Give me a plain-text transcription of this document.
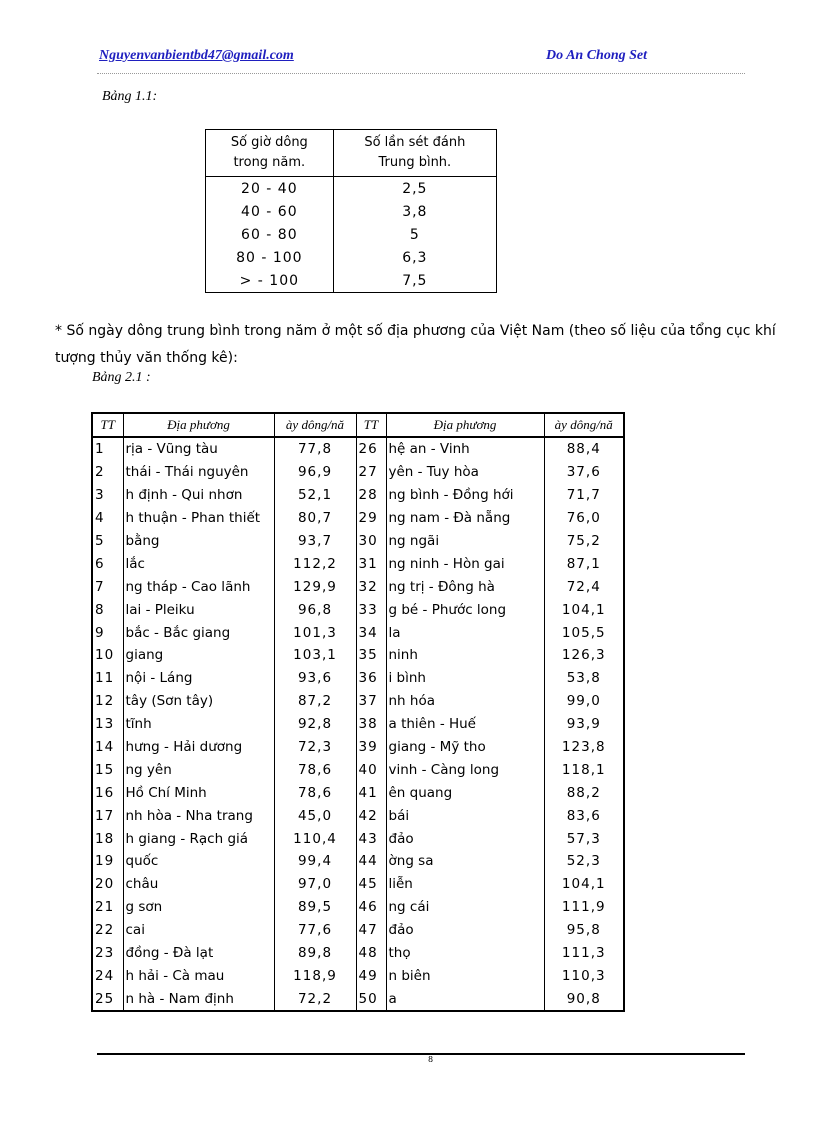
Nguyenvanbientbd47@gmail.com	Do An Chong Set
Bảng 1.1:
Số giờ dông
trong năm.	Số lần sét đánh
Trung bình.
20 - 40	2,5
40 - 60	3,8
60 - 80	5
80 - 100	6,3
> - 100	7,5
* Số ngày dông trung bình trong năm ở một số địa phương của Việt Nam (theo số liệu của tổng cục khí tượng thủy văn thống kê):
Bảng 2.1 :
TT	Địa phương	ày dông/nă	TT	Địa phương	ày dông/nă
1	rịa - Vũng tàu	77,8	26	hệ an - Vinh	88,4
2	thái - Thái nguyên	96,9	27	yên - Tuy hòa	37,6
3	h định - Qui nhơn	52,1	28	ng bình - Đồng hới	71,7
4	h thuận - Phan thiết	80,7	29	ng nam - Đà nẵng	76,0
5	bằng	93,7	30	ng ngãi	75,2
6	lắc	112,2	31	ng ninh - Hòn gai	87,1
7	ng tháp - Cao lãnh	129,9	32	ng trị - Đông hà	72,4
8	lai - Pleiku	96,8	33	g bé - Phước long	104,1
9	bắc - Bắc giang	101,3	34	la	105,5
10	giang	103,1	35	ninh	126,3
11	nội - Láng	93,6	36	i bình	53,8
12	tây (Sơn tây)	87,2	37	nh hóa	99,0
13	tĩnh	92,8	38	a thiên - Huế	93,9
14	hưng - Hải dương	72,3	39	giang - Mỹ tho	123,8
15	ng yên	78,6	40	vinh - Càng long	118,1
16	Hồ Chí Minh	78,6	41	ên quang	88,2
17	nh hòa - Nha trang	45,0	42	bái	83,6
18	h giang - Rạch giá	110,4	43	đảo	57,3
19	quốc	99,4	44	ờng sa	52,3
20	châu	97,0	45	liễn	104,1
21	g sơn	89,5	46	ng cái	111,9
22	cai	77,6	47	đảo	95,8
23	đồng - Đà lạt	89,8	48	thọ	111,3
24	h hải - Cà mau	118,9	49	n biên	110,3
25	n hà - Nam định	72,2	50	a	90,8
8
